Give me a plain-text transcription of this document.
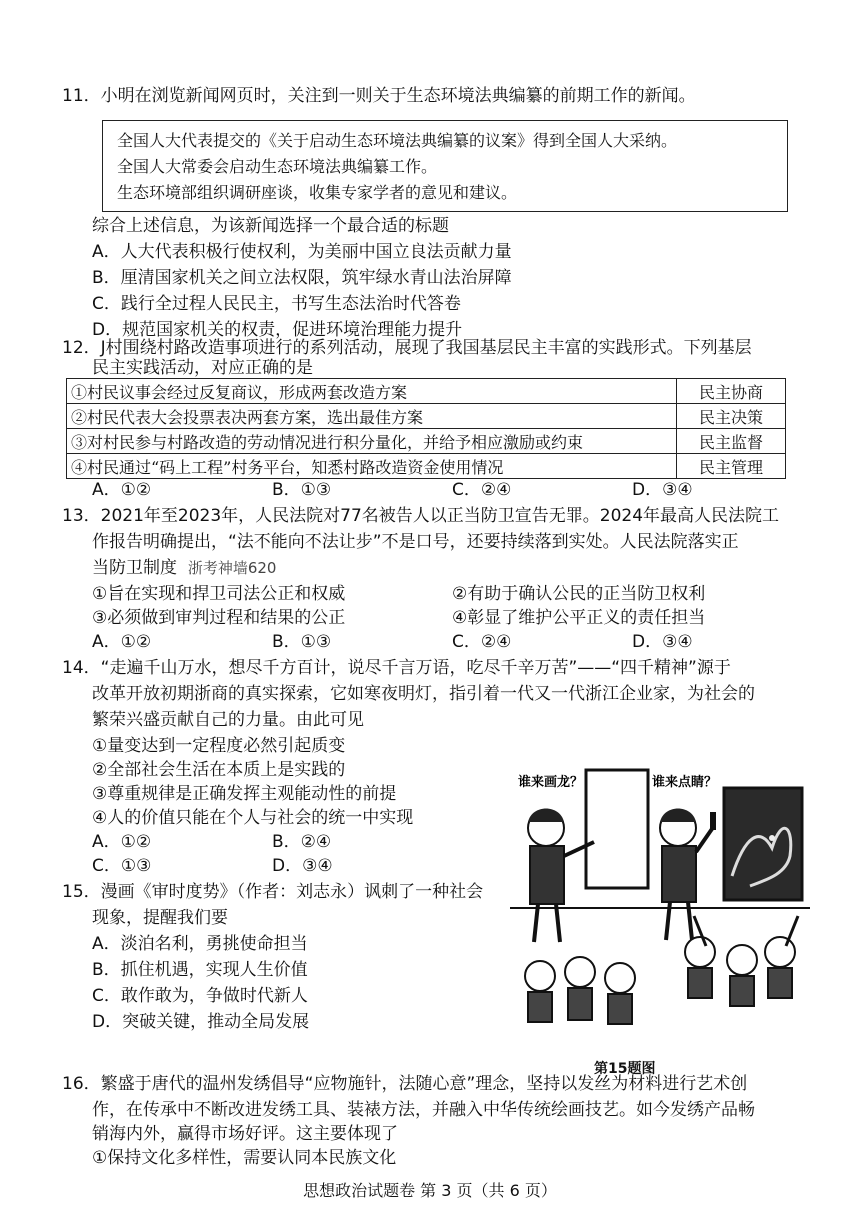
11．小明在浏览新闻网页时，关注到一则关于生态环境法典编纂的前期工作的新闻。
全国人大代表提交的《关于启动生态环境法典编纂的议案》得到全国人大采纳。
全国人大常委会启动生态环境法典编纂工作。
生态环境部组织调研座谈，收集专家学者的意见和建议。
综合上述信息，为该新闻选择一个最合适的标题
A．人大代表积极行使权利，为美丽中国立良法贡献力量
B．厘清国家机关之间立法权限，筑牢绿水青山法治屏障
C．践行全过程人民民主，书写生态法治时代答卷
D．规范国家机关的权责，促进环境治理能力提升
12．J村围绕村路改造事项进行的系列活动，展现了我国基层民主丰富的实践形式。下列基层
民主实践活动，对应正确的是
①村民议事会经过反复商议，形成两套改造方案	民主协商
②村民代表大会投票表决两套方案，选出最佳方案	民主决策
③对村民参与村路改造的劳动情况进行积分量化，并给予相应激励或约束	民主监督
④村民通过“码上工程”村务平台，知悉村路改造资金使用情况	民主管理
A．①②	B．①③	C．②④	D．③④
13．2021年至2023年，人民法院对77名被告人以正当防卫宣告无罪。2024年最高人民法院工
作报告明确提出，“法不能向不法让步”不是口号，还要持续落到实处。人民法院落实正
当防卫制度 浙考神墙620
①旨在实现和捍卫司法公正和权威	②有助于确认公民的正当防卫权利
③必须做到审判过程和结果的公正	④彰显了维护公平正义的责任担当
A．①②	B．①③	C．②④	D．③④
14．“走遍千山万水，想尽千方百计，说尽千言万语，吃尽千辛万苦”——“四千精神”源于
改革开放初期浙商的真实探索，它如寒夜明灯，指引着一代又一代浙江企业家，为社会的
繁荣兴盛贡献自己的力量。由此可见
①量变达到一定程度必然引起质变
②全部社会生活在本质上是实践的
③尊重规律是正确发挥主观能动性的前提
④人的价值只能在个人与社会的统一中实现
A．①②	B．②④
C．①③	D．③④
15．漫画《审时度势》（作者：刘志永）讽刺了一种社会
现象，提醒我们要
A．淡泊名利，勇挑使命担当
B．抓住机遇，实现人生价值
C．敢作敢为，争做时代新人
D．突破关键，推动全局发展
谁来画龙？	谁来点睛？
第15题图
16．繁盛于唐代的温州发绣倡导“应物施针，法随心意”理念，坚持以发丝为材料进行艺术创
作，在传承中不断改进发绣工具、装裱方法，并融入中华传统绘画技艺。如今发绣产品畅
销海内外，赢得市场好评。这主要体现了
思想政治试题卷 第 3 页（共 6 页）
①保持文化多样性，需要认同本民族文化
